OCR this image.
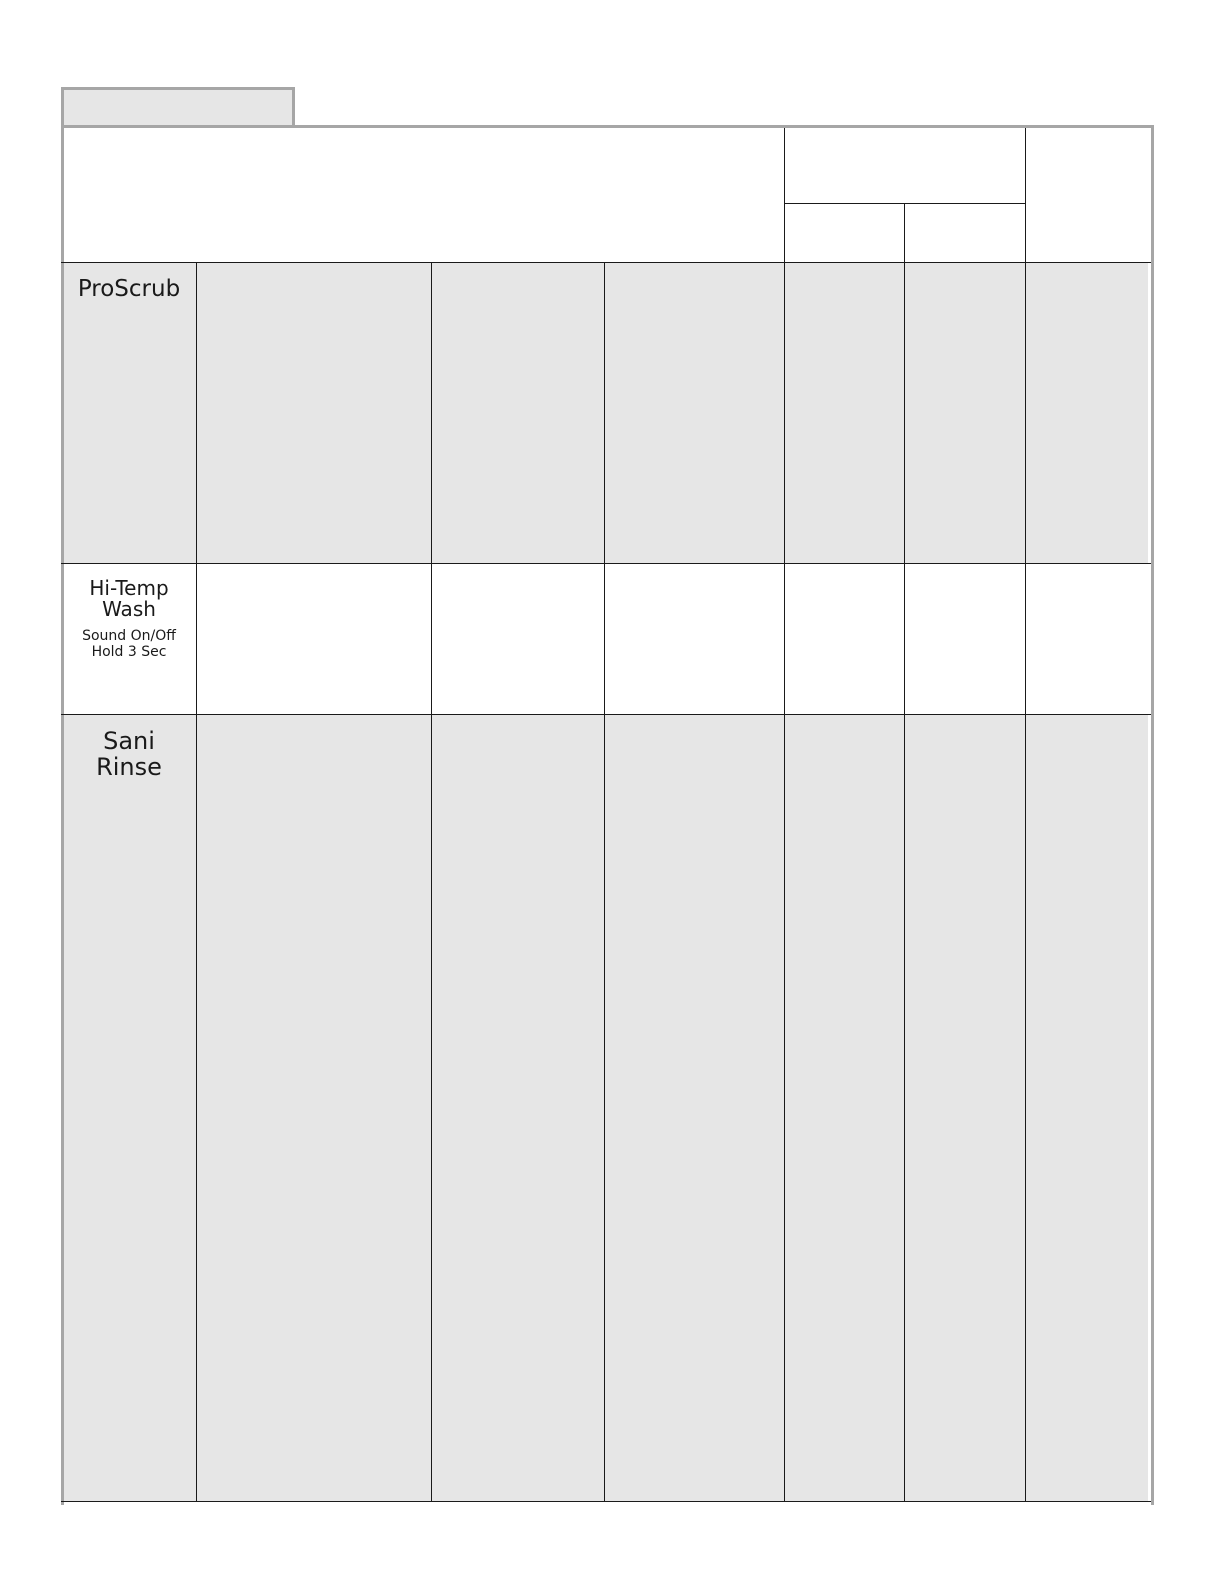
ProScrub
Hi-Temp
Wash
Sound On/Off
Hold 3 Sec
Sani
Rinse
